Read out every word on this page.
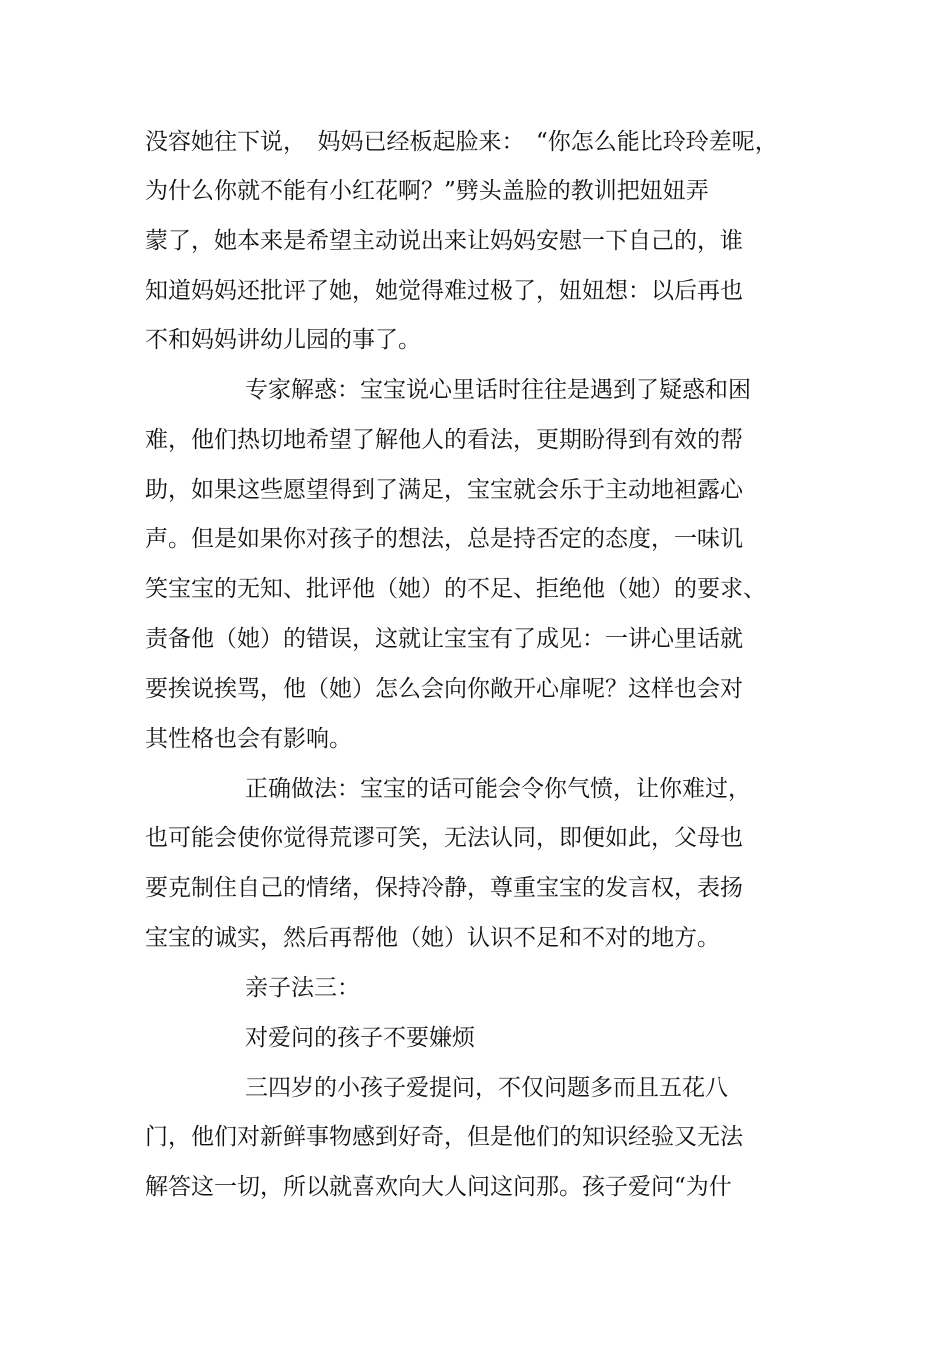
没容她往下说，　妈妈已经板起脸来：　“你怎么能比玲玲差呢，
为什么你就不能有小红花啊？”劈头盖脸的教训把妞妞弄
蒙了，她本来是希望主动说出来让妈妈安慰一下自己的，谁
知道妈妈还批评了她，她觉得难过极了，妞妞想：以后再也
不和妈妈讲幼儿园的事了。
专家解惑：宝宝说心里话时往往是遇到了疑惑和困
难，他们热切地希望了解他人的看法，更期盼得到有效的帮
助，如果这些愿望得到了满足，宝宝就会乐于主动地袒露心
声。但是如果你对孩子的想法，总是持否定的态度，一味讥
笑宝宝的无知、批评他（她）的不足、拒绝他（她）的要求、
责备他（她）的错误，这就让宝宝有了成见：一讲心里话就
要挨说挨骂，他（她）怎么会向你敞开心扉呢？这样也会对
其性格也会有影响。
正确做法：宝宝的话可能会令你气愤，让你难过，
也可能会使你觉得荒谬可笑，无法认同，即便如此，父母也
要克制住自己的情绪，保持冷静，尊重宝宝的发言权，表扬
宝宝的诚实，然后再帮他（她）认识不足和不对的地方。
亲子法三：
对爱问的孩子不要嫌烦
三四岁的小孩子爱提问，不仅问题多而且五花八
门，他们对新鲜事物感到好奇，但是他们的知识经验又无法
解答这一切，所以就喜欢向大人问这问那。孩子爱问“为什
